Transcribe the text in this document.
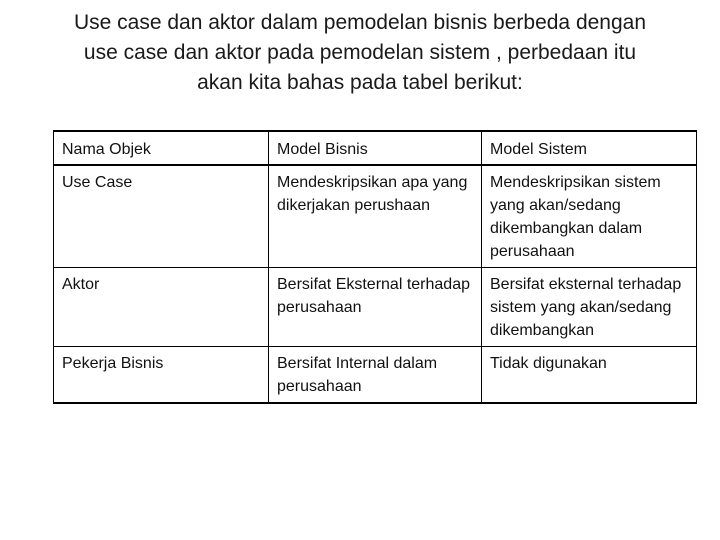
Use case dan aktor dalam pemodelan bisnis berbeda dengan
use case dan aktor pada pemodelan sistem , perbedaan itu
akan kita bahas pada tabel berikut:
Nama Objek	Model Bisnis	Model Sistem

Use Case	Mendeskripsikan apa yang dikerjakan perushaan	Mendeskripsikan sistem yang akan/sedang dikembangkan dalam perusahaan

Aktor	Bersifat Eksternal terhadap perusahaan	Bersifat eksternal terhadap sistem yang akan/sedang dikembangkan

Pekerja Bisnis	Bersifat Internal dalam perusahaan	Tidak digunakan
